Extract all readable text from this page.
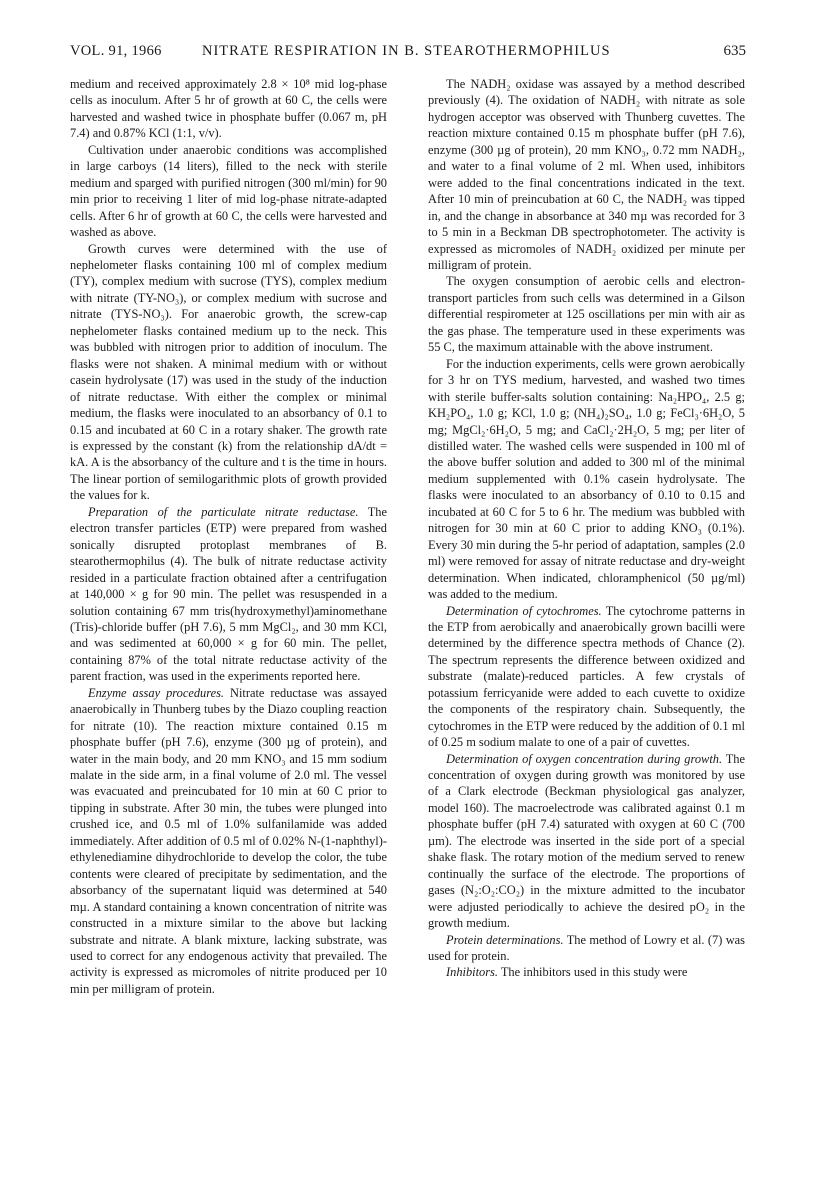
VOL. 91, 1966	NITRATE RESPIRATION IN B. STEAROTHERMOPHILUS	635

medium and received approximately 2.8 × 10⁸ mid log-phase cells as inoculum. After 5 hr of growth at 60 C, the cells were harvested and washed twice in phosphate buffer (0.067 m, pH 7.4) and 0.87% KCl (1:1, v/v).

Cultivation under anaerobic conditions was accomplished in large carboys (14 liters), filled to the neck with sterile medium and sparged with purified nitrogen (300 ml/min) for 90 min prior to receiving 1 liter of mid log-phase nitrate-adapted cells. After 6 hr of growth at 60 C, the cells were harvested and washed as above.

Growth curves were determined with the use of nephelometer flasks containing 100 ml of complex medium (TY), complex medium with sucrose (TYS), complex medium with nitrate (TY-NO₃), or complex medium with sucrose and nitrate (TYS-NO₃). For anaerobic growth, the screw-cap nephelometer flasks contained medium up to the neck. This was bubbled with nitrogen prior to addition of inoculum. The flasks were not shaken. A minimal medium with or without casein hydrolysate (17) was used in the study of the induction of nitrate reductase. With either the complex or minimal medium, the flasks were inoculated to an absorbancy of 0.1 to 0.15 and incubated at 60 C in a rotary shaker. The growth rate is expressed by the constant (k) from the relationship dA/dt = kA. A is the absorbancy of the culture and t is the time in hours. The linear portion of semilogarithmic plots of growth provided the values for k.

Preparation of the particulate nitrate reductase. The electron transfer particles (ETP) were prepared from washed sonically disrupted protoplast membranes of B. stearothermophilus (4). The bulk of nitrate reductase activity resided in a particulate fraction obtained after a centrifugation at 140,000 × g for 90 min. The pellet was resuspended in a solution containing 67 mm tris(hydroxymethyl)aminomethane (Tris)-chloride buffer (pH 7.6), 5 mm MgCl₂, and 30 mm KCl, and was sedimented at 60,000 × g for 60 min. The pellet, containing 87% of the total nitrate reductase activity of the parent fraction, was used in the experiments reported here.

Enzyme assay procedures. Nitrate reductase was assayed anaerobically in Thunberg tubes by the Diazo coupling reaction for nitrate (10). The reaction mixture contained 0.15 m phosphate buffer (pH 7.6), enzyme (300 µg of protein), and water in the main body, and 20 mm KNO₃ and 15 mm sodium malate in the side arm, in a final volume of 2.0 ml. The vessel was evacuated and preincubated for 10 min at 60 C prior to tipping in substrate. After 30 min, the tubes were plunged into crushed ice, and 0.5 ml of 1.0% sulfanilamide was added immediately. After addition of 0.5 ml of 0.02% N-(1-naphthyl)-ethylenediamine dihydrochloride to develop the color, the tube contents were cleared of precipitate by sedimentation, and the absorbancy of the supernatant liquid was determined at 540 mµ. A standard containing a known concentration of nitrite was constructed in a mixture similar to the above but lacking substrate and nitrate. A blank mixture, lacking substrate, was used to correct for any endogenous activity that prevailed. The activity is expressed as micromoles of nitrite produced per 10 min per milligram of protein.

The NADH₂ oxidase was assayed by a method described previously (4). The oxidation of NADH₂ with nitrate as sole hydrogen acceptor was observed with Thunberg cuvettes. The reaction mixture contained 0.15 m phosphate buffer (pH 7.6), enzyme (300 µg of protein), 20 mm KNO₃, 0.72 mm NADH₂, and water to a final volume of 2 ml. When used, inhibitors were added to the final concentrations indicated in the text. After 10 min of preincubation at 60 C, the NADH₂ was tipped in, and the change in absorbance at 340 mµ was recorded for 3 to 5 min in a Beckman DB spectrophotometer. The activity is expressed as micromoles of NADH₂ oxidized per minute per milligram of protein.

The oxygen consumption of aerobic cells and electron-transport particles from such cells was determined in a Gilson differential respirometer at 125 oscillations per min with air as the gas phase. The temperature used in these experiments was 55 C, the maximum attainable with the above instrument.

For the induction experiments, cells were grown aerobically for 3 hr on TYS medium, harvested, and washed two times with sterile buffer-salts solution containing: Na₂HPO₄, 2.5 g; KH₂PO₄, 1.0 g; KCl, 1.0 g; (NH₄)₂SO₄, 1.0 g; FeCl₃·6H₂O, 5 mg; MgCl₂·6H₂O, 5 mg; and CaCl₂·2H₂O, 5 mg; per liter of distilled water. The washed cells were suspended in 100 ml of the above buffer solution and added to 300 ml of the minimal medium supplemented with 0.1% casein hydrolysate. The flasks were inoculated to an absorbancy of 0.10 to 0.15 and incubated at 60 C for 5 to 6 hr. The medium was bubbled with nitrogen for 30 min at 60 C prior to adding KNO₃ (0.1%). Every 30 min during the 5-hr period of adaptation, samples (2.0 ml) were removed for assay of nitrate reductase and dry-weight determination. When indicated, chloramphenicol (50 µg/ml) was added to the medium.

Determination of cytochromes. The cytochrome patterns in the ETP from aerobically and anaerobically grown bacilli were determined by the difference spectra methods of Chance (2). The spectrum represents the difference between oxidized and substrate (malate)-reduced particles. A few crystals of potassium ferricyanide were added to each cuvette to oxidize the components of the respiratory chain. Subsequently, the cytochromes in the ETP were reduced by the addition of 0.1 ml of 0.25 m sodium malate to one of a pair of cuvettes.

Determination of oxygen concentration during growth. The concentration of oxygen during growth was monitored by use of a Clark electrode (Beckman physiological gas analyzer, model 160). The macroelectrode was calibrated against 0.1 m phosphate buffer (pH 7.4) saturated with oxygen at 60 C (700 µm). The electrode was inserted in the side port of a special shake flask. The rotary motion of the medium served to renew continually the surface of the electrode. The proportions of gases (N₂:O₂:CO₂) in the mixture admitted to the incubator were adjusted periodically to achieve the desired pO₂ in the growth medium.

Protein determinations. The method of Lowry et al. (7) was used for protein.

Inhibitors. The inhibitors used in this study were
